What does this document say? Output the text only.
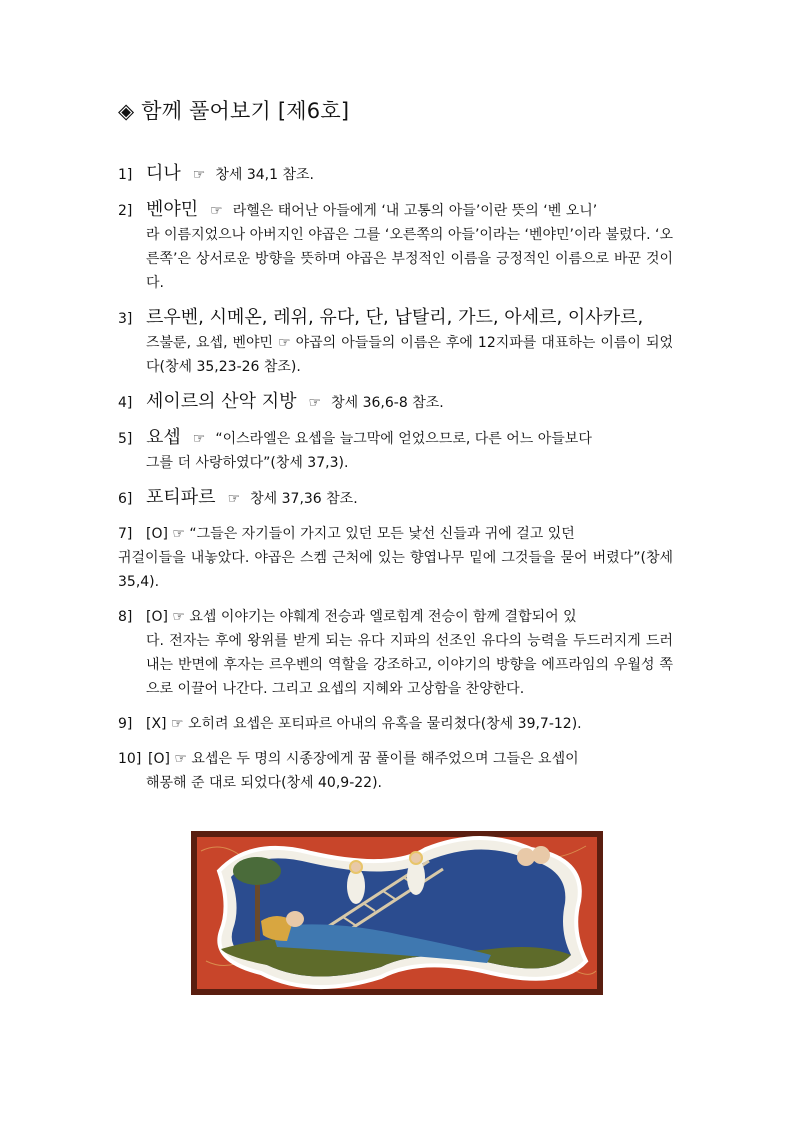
◈ 함께 풀어보기 [제6호]
1] 디나 ☞ 창세 34,1 참조.
2] 벤야민 ☞ 라헬은 태어난 아들에게 ‘내 고통의 아들’이란 뜻의 ‘벤 오니’
라 이름지었으나 아버지인 야곱은 그를 ‘오른쪽의 아들’이라는 ‘벤야민’이라 불렀다. ‘오른쪽’은 상서로운 방향을 뜻하며 야곱은 부정적인 이름을 긍정적인 이름으로 바꾼 것이다.
3] 르우벤, 시메온, 레위, 유다, 단, 납탈리, 가드, 아세르, 이사카르,
즈불룬, 요셉, 벤야민 ☞ 야곱의 아들들의 이름은 후에 12지파를 대표하는 이름이 되었다(창세 35,23-26 참조).
4] 세이르의 산악 지방 ☞ 창세 36,6-8 참조.
5] 요셉 ☞ “이스라엘은 요셉을 늘그막에 얻었으므로, 다른 어느 아들보다
그를 더 사랑하였다”(창세 37,3).
6] 포티파르 ☞ 창세 37,36 참조.
7] [O] ☞ “그들은 자기들이 가지고 있던 모든 낯선 신들과 귀에 걸고 있던
귀걸이들을 내놓았다. 야곱은 스켐 근처에 있는 향엽나무 밑에 그것들을 묻어 버렸다”(창세 35,4).
8] [O] ☞ 요셉 이야기는 야훼계 전승과 엘로힘계 전승이 함께 결합되어 있
다. 전자는 후에 왕위를 받게 되는 유다 지파의 선조인 유다의 능력을 두드러지게 드러내는 반면에 후자는 르우벤의 역할을 강조하고, 이야기의 방향을 에프라임의 우월성 쪽으로 이끌어 나간다. 그리고 요셉의 지혜와 고상함을 찬양한다.
9] [X] ☞ 오히려 요셉은 포티파르 아내의 유혹을 물리쳤다(창세 39,7-12).
10] [O] ☞ 요셉은 두 명의 시종장에게 꿈 풀이를 해주었으며 그들은 요셉이
해몽해 준 대로 되었다(창세 40,9-22).
